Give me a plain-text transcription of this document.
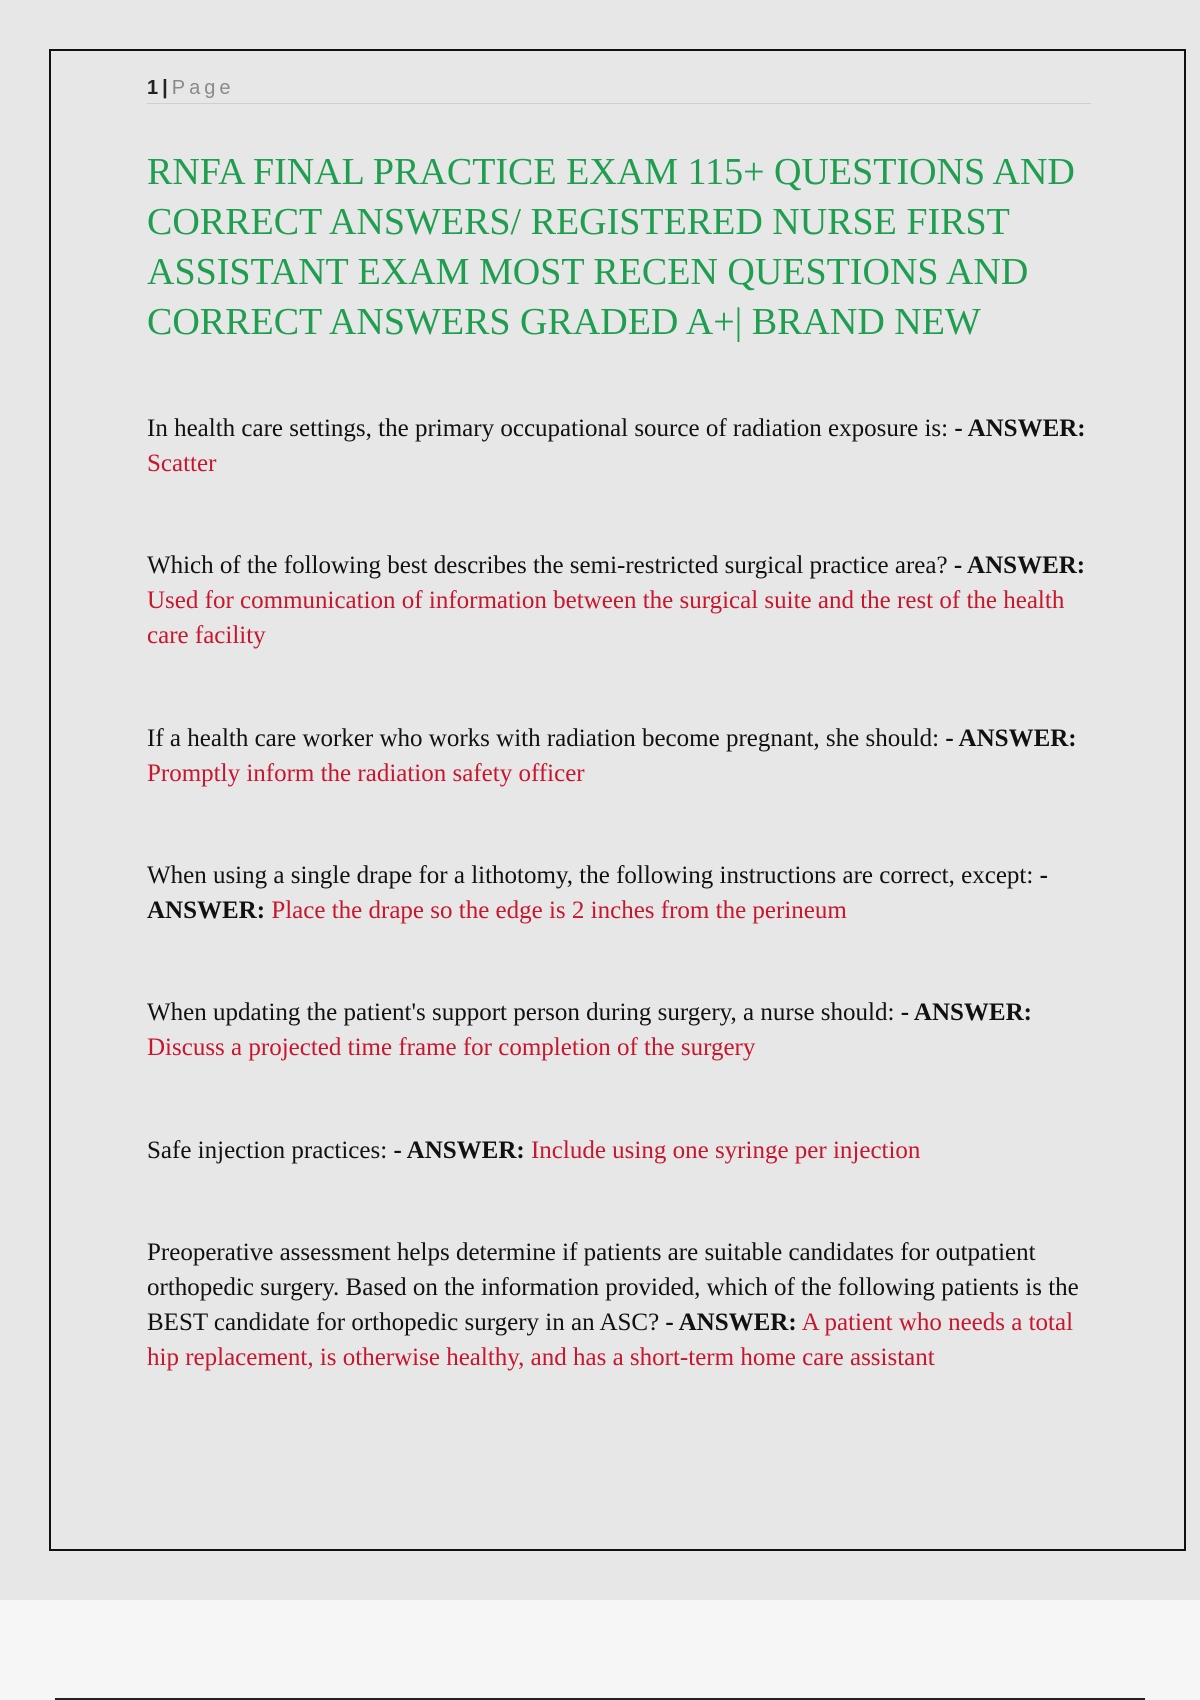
1 | Page
RNFA FINAL PRACTICE EXAM 115+ QUESTIONS AND CORRECT ANSWERS/ REGISTERED NURSE FIRST ASSISTANT EXAM MOST RECEN QUESTIONS AND CORRECT ANSWERS GRADED A+| BRAND NEW
In health care settings, the primary occupational source of radiation exposure is: - ANSWER: Scatter
Which of the following best describes the semi-restricted surgical practice area? - ANSWER: Used for communication of information between the surgical suite and the rest of the health care facility
If a health care worker who works with radiation become pregnant, she should: - ANSWER: Promptly inform the radiation safety officer
When using a single drape for a lithotomy, the following instructions are correct, except: - ANSWER: Place the drape so the edge is 2 inches from the perineum
When updating the patient's support person during surgery, a nurse should: - ANSWER: Discuss a projected time frame for completion of the surgery
Safe injection practices: - ANSWER: Include using one syringe per injection
Preoperative assessment helps determine if patients are suitable candidates for outpatient orthopedic surgery. Based on the information provided, which of the following patients is the BEST candidate for orthopedic surgery in an ASC? - ANSWER: A patient who needs a total hip replacement, is otherwise healthy, and has a short-term home care assistant
